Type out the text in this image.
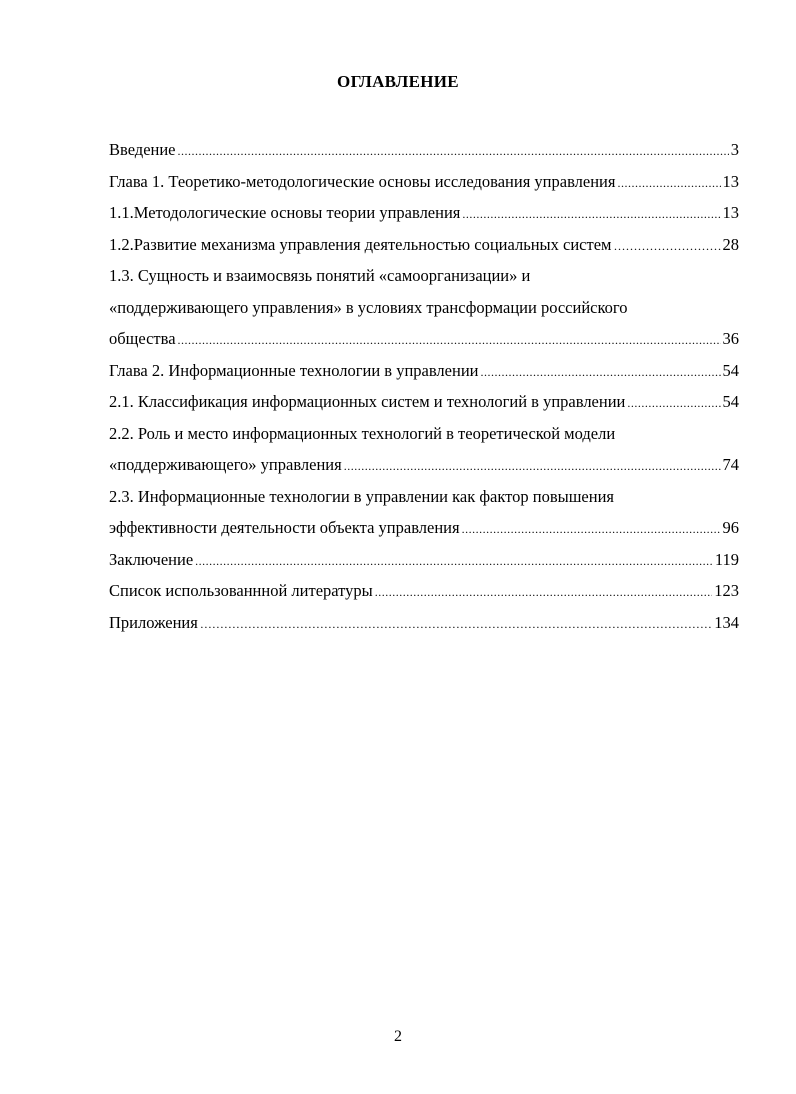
ОГЛАВЛЕНИЕ
Введение .....	3
Глава 1. Теоретико-методологические основы исследования управления .....	13
1.1.Методологические основы теории управления .....	13
1.2.Развитие механизма управления деятельностью социальных систем …………………………………………………………………………………………………………………………………………	28
1.3. Сущность и взаимосвязь понятий «самоорганизации» и
«поддерживающего управления» в условиях трансформации российского
общества .....	36
Глава 2. Информационные технологии в управлении .....	54
2.1. Классификация информационных систем и технологий в управлении .....	54
2.2. Роль и место информационных технологий в теоретической модели
«поддерживающего» управления .....	74
2.3. Информационные технологии в управлении как фактор повышения
эффективности деятельности объекта управления .....	96
Заключение .....	119
Список использованнной литературы .....	123
Приложения …………………………………………………………………………………………………………………………………………	134
2
